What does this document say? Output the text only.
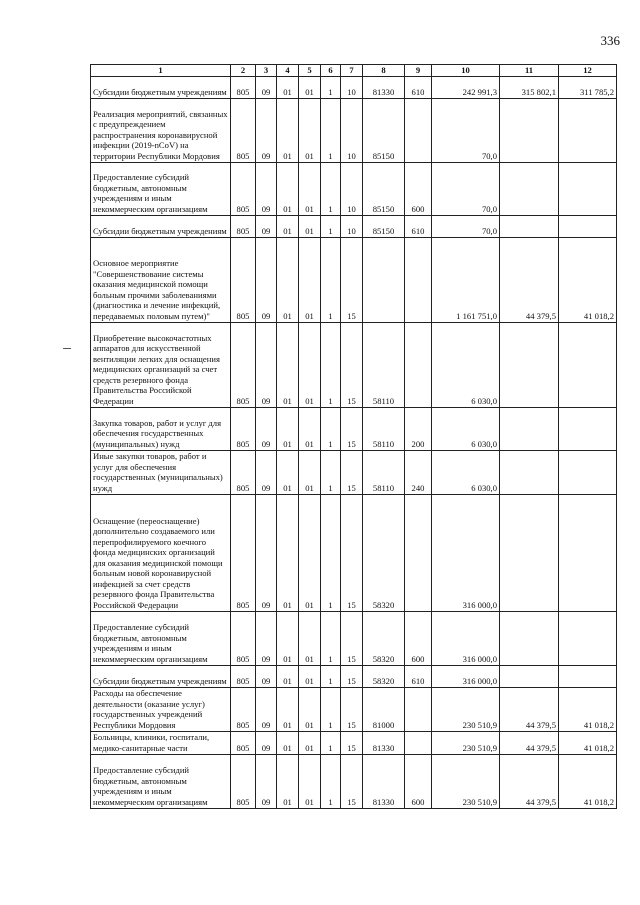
336
1	2	3	4	5	6	7	8	9	10	11	12

Субсидии бюджетным учреждениям	805	09	01	01	1	10	81330	610	242 991,3	315 802,1	311 785,2

Реализация мероприятий, связанных с предупреждением распространения коронавирусной инфекции (2019-nCoV) на территории Республики Мордовия	805	09	01	01	1	10	85150		70,0		

Предоставление субсидий бюджетным, автономным учреждениям и иным некоммерческим организациям	805	09	01	01	1	10	85150	600	70,0		

Субсидии бюджетным учреждениям	805	09	01	01	1	10	85150	610	70,0		

Основное мероприятие "Совершенствование системы оказания медицинской помощи больным прочими заболеваниями (диагностика и лечение инфекций, передаваемых половым путем)"	805	09	01	01	1	15			1 161 751,0	44 379,5	41 018,2

Приобретение высокочастотных аппаратов для искусственной вентиляции легких для оснащения медицинских организаций за счет средств резервного фонда Правительства Российской Федерации	805	09	01	01	1	15	58110		6 030,0		

Закупка товаров, работ и услуг для обеспечения государственных (муниципальных) нужд	805	09	01	01	1	15	58110	200	6 030,0		

Иные закупки товаров, работ и услуг для обеспечения государственных (муниципальных) нужд	805	09	01	01	1	15	58110	240	6 030,0		

Оснащение (переоснащение) дополнительно создаваемого или перепрофилируемого коечного фонда медицинских организаций для оказания медицинской помощи больным новой коронавирусной инфекцией за счет средств резервного фонда Правительства Российской Федерации	805	09	01	01	1	15	58320		316 000,0		

Предоставление субсидий бюджетным, автономным учреждениям и иным некоммерческим организациям	805	09	01	01	1	15	58320	600	316 000,0		

Субсидии бюджетным учреждениям	805	09	01	01	1	15	58320	610	316 000,0		

Расходы на обеспечение деятельности (оказание услуг) государственных учреждений Республики Мордовия	805	09	01	01	1	15	81000		230 510,9	44 379,5	41 018,2

Больницы, клиники, госпитали, медико-санитарные части	805	09	01	01	1	15	81330		230 510,9	44 379,5	41 018,2

Предоставление субсидий бюджетным, автономным учреждениям и иным некоммерческим организациям	805	09	01	01	1	15	81330	600	230 510,9	44 379,5	41 018,2
